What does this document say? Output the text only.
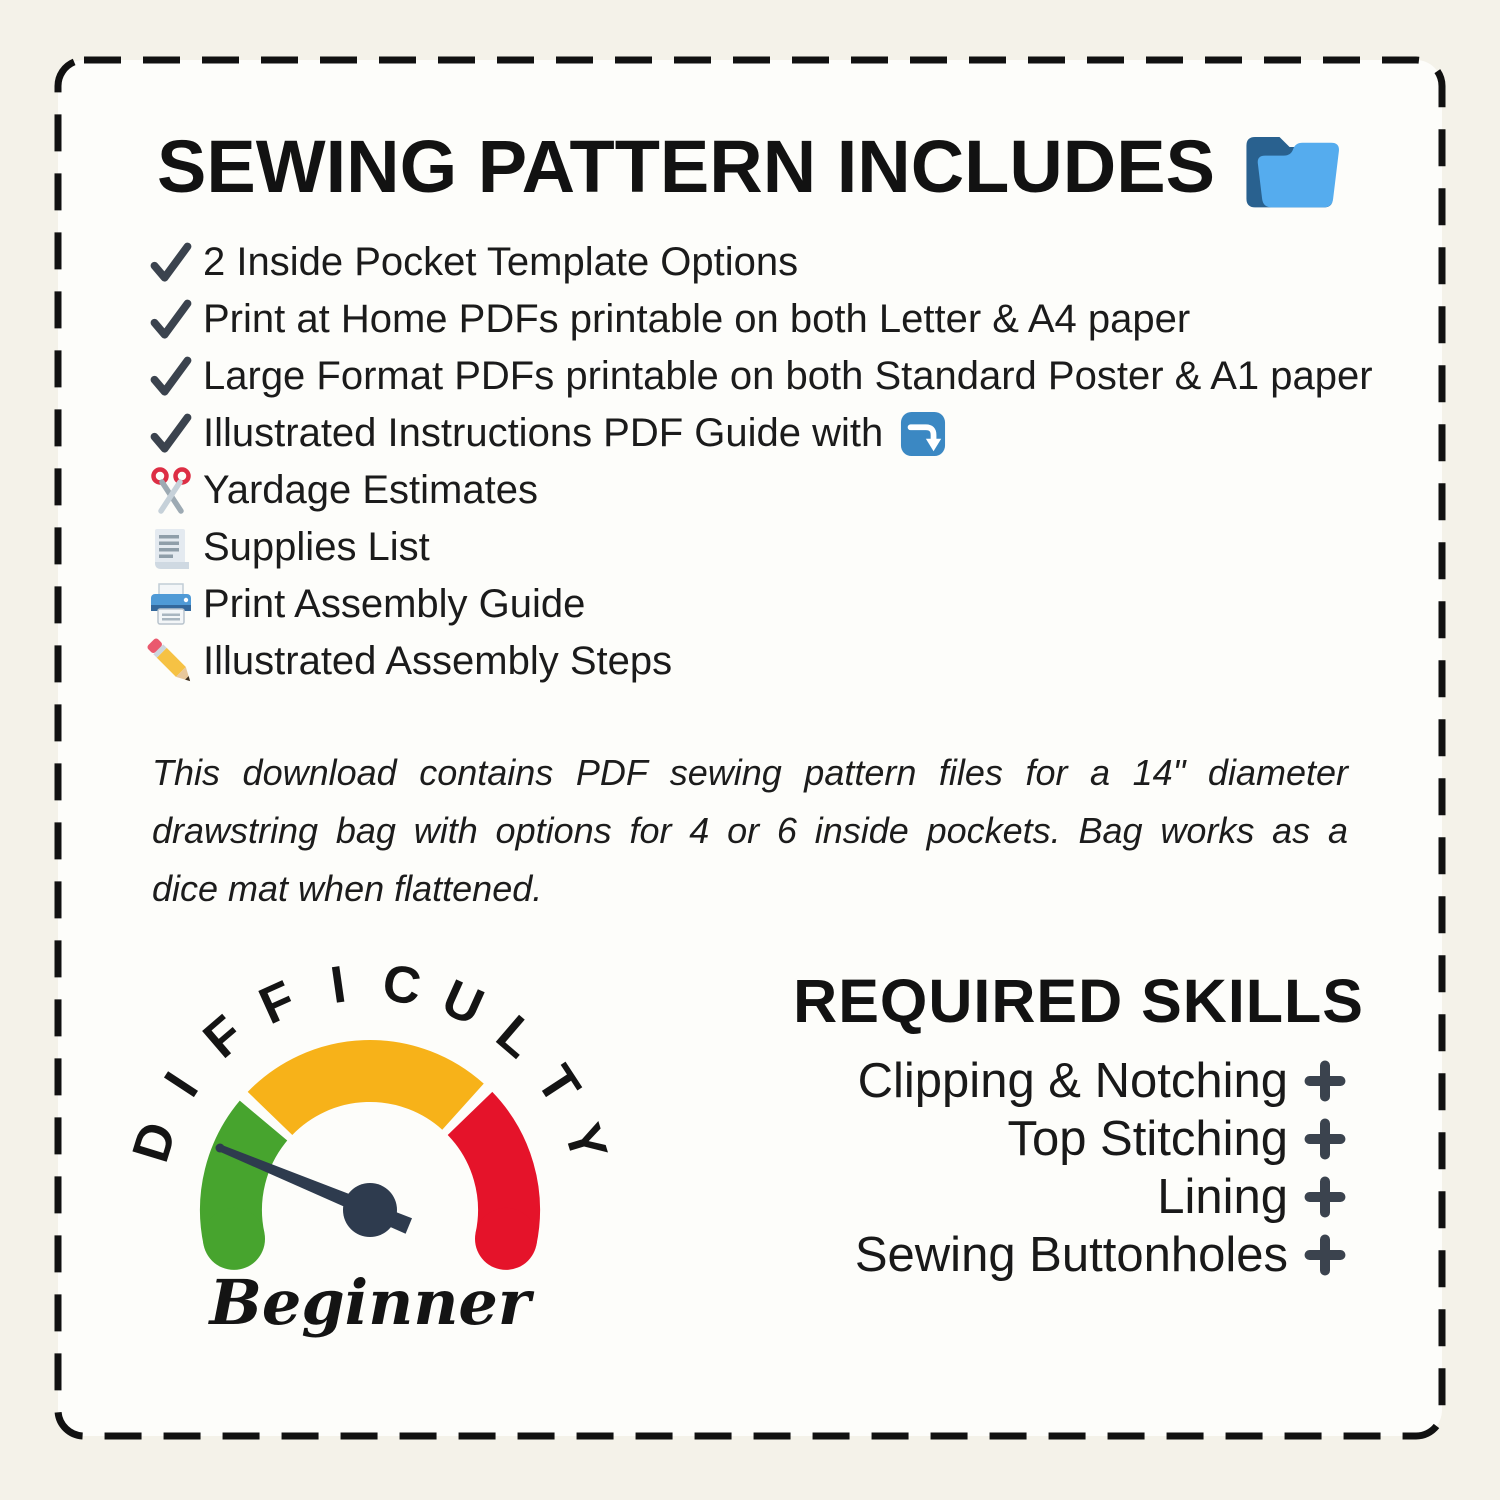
SEWING PATTERN INCLUDES
2 Inside Pocket Template Options
Print at Home PDFs printable on both Letter & A4 paper
Large Format PDFs printable on both Standard Poster & A1 paper
Illustrated Instructions PDF Guide with
Yardage Estimates
Supplies List
Print Assembly Guide
Illustrated Assembly Steps
This download contains PDF sewing pattern files for a 14" diameter
drawstring bag with options for 4 or 6 inside pockets. Bag works as a
dice mat when flattened.
D
I
F
F I C U
L
T
Y
Beginner
REQUIRED SKILLS
Clipping & Notching
Top Stitching
Lining
Sewing Buttonholes
